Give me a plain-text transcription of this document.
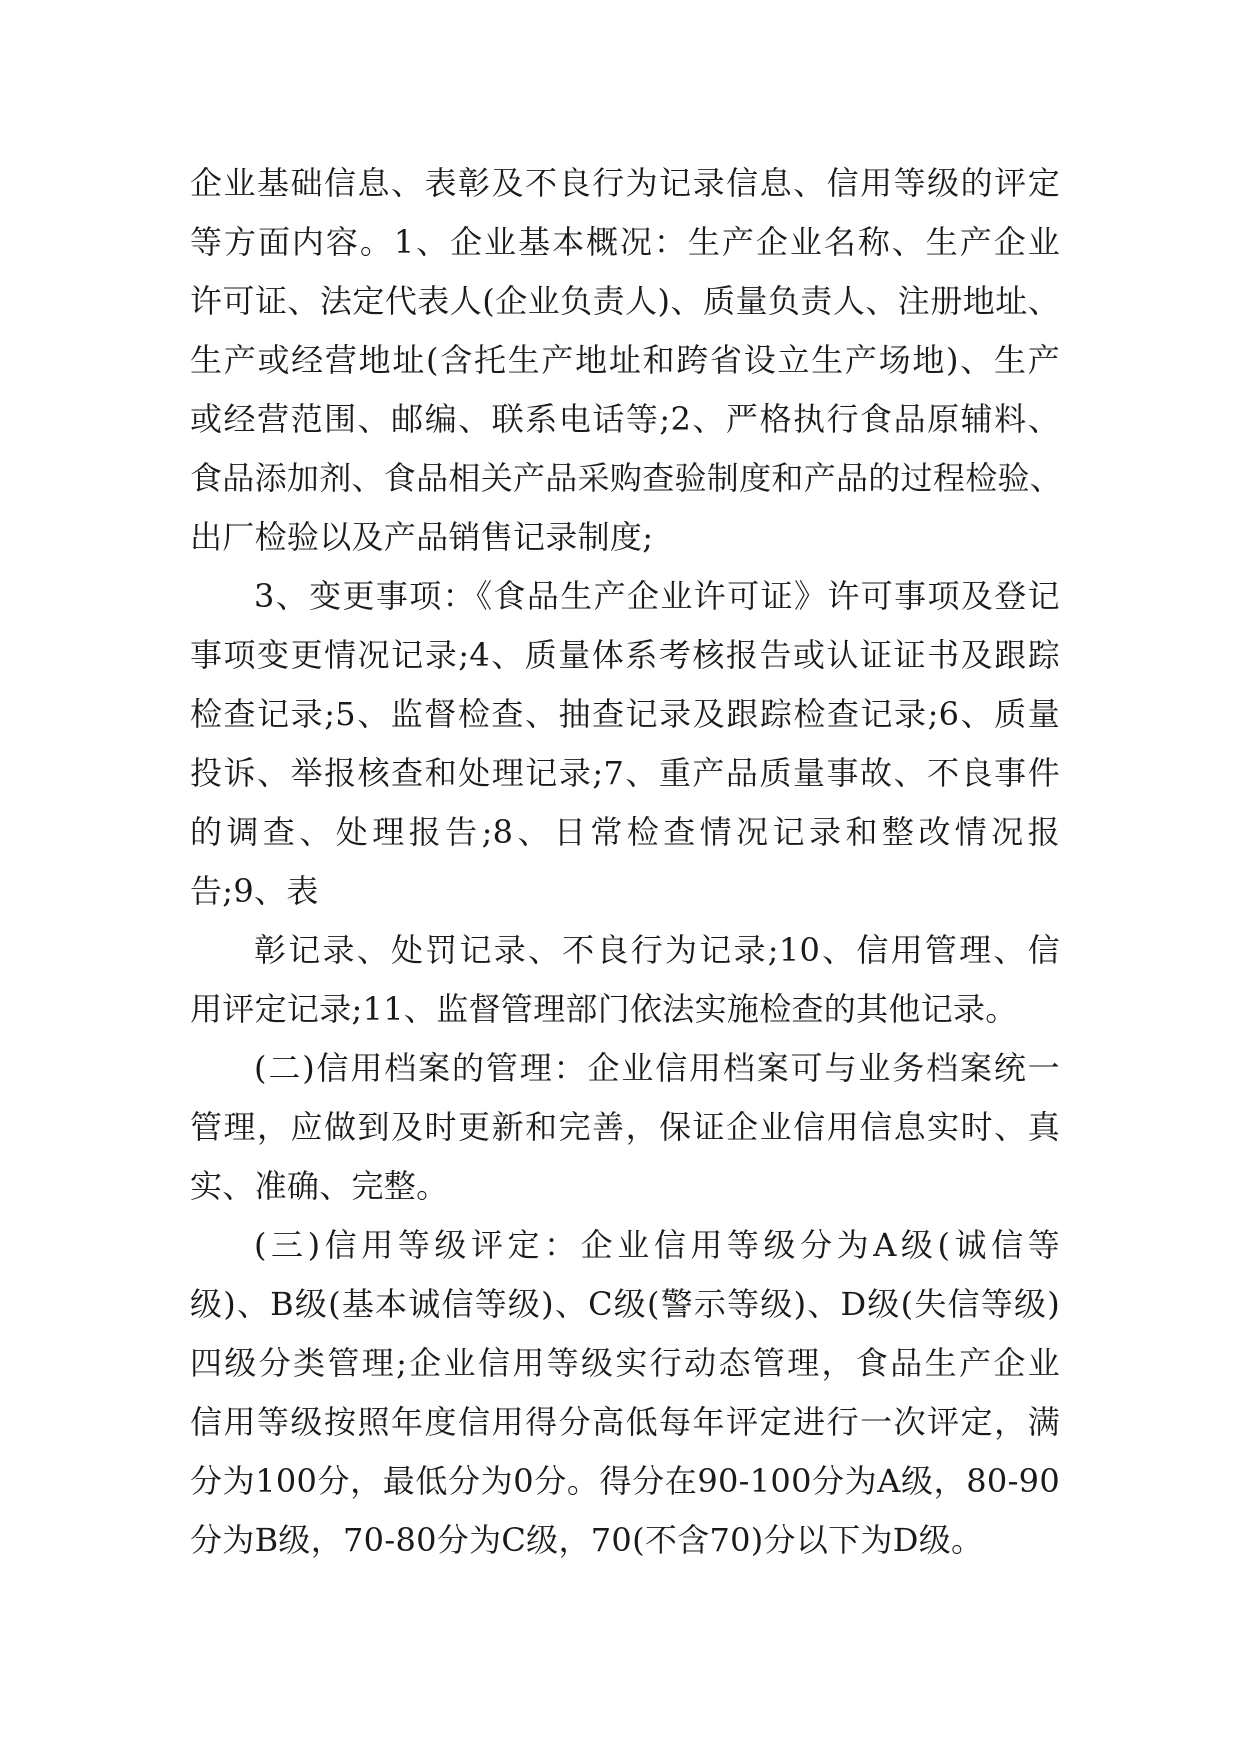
企业基础信息、表彰及不良行为记录信息、信用等级的评定
等方面内容。1、企业基本概况：生产企业名称、生产企业
许可证、法定代表人(企业负责人)、质量负责人、注册地址、
生产或经营地址(含托生产地址和跨省设立生产场地)、生产
或经营范围、邮编、联系电话等;2、严格执行食品原辅料、
食品添加剂、食品相关产品采购查验制度和产品的过程检验、
出厂检验以及产品销售记录制度;
3、变更事项：《食品生产企业许可证》许可事项及登记
事项变更情况记录;4、质量体系考核报告或认证证书及跟踪
检查记录;5、监督检查、抽查记录及跟踪检查记录;6、质量
投诉、举报核查和处理记录;7、重产品质量事故、不良事件
的调查、处理报告;8、日常检查情况记录和整改情况报
告;9、表
彰记录、处罚记录、不良行为记录;10、信用管理、信
用评定记录;11、监督管理部门依法实施检查的其他记录。
(二)信用档案的管理：企业信用档案可与业务档案统一
管理，应做到及时更新和完善，保证企业信用信息实时、真
实、准确、完整。
(三)信用等级评定：企业信用等级分为A级(诚信等
级)、B级(基本诚信等级)、C级(警示等级)、D级(失信等级)
四级分类管理;企业信用等级实行动态管理，食品生产企业
信用等级按照年度信用得分高低每年评定进行一次评定，满
分为100分，最低分为0分。得分在90-100分为A级，80-90
分为B级，70-80分为C级，70(不含70)分以下为D级。
